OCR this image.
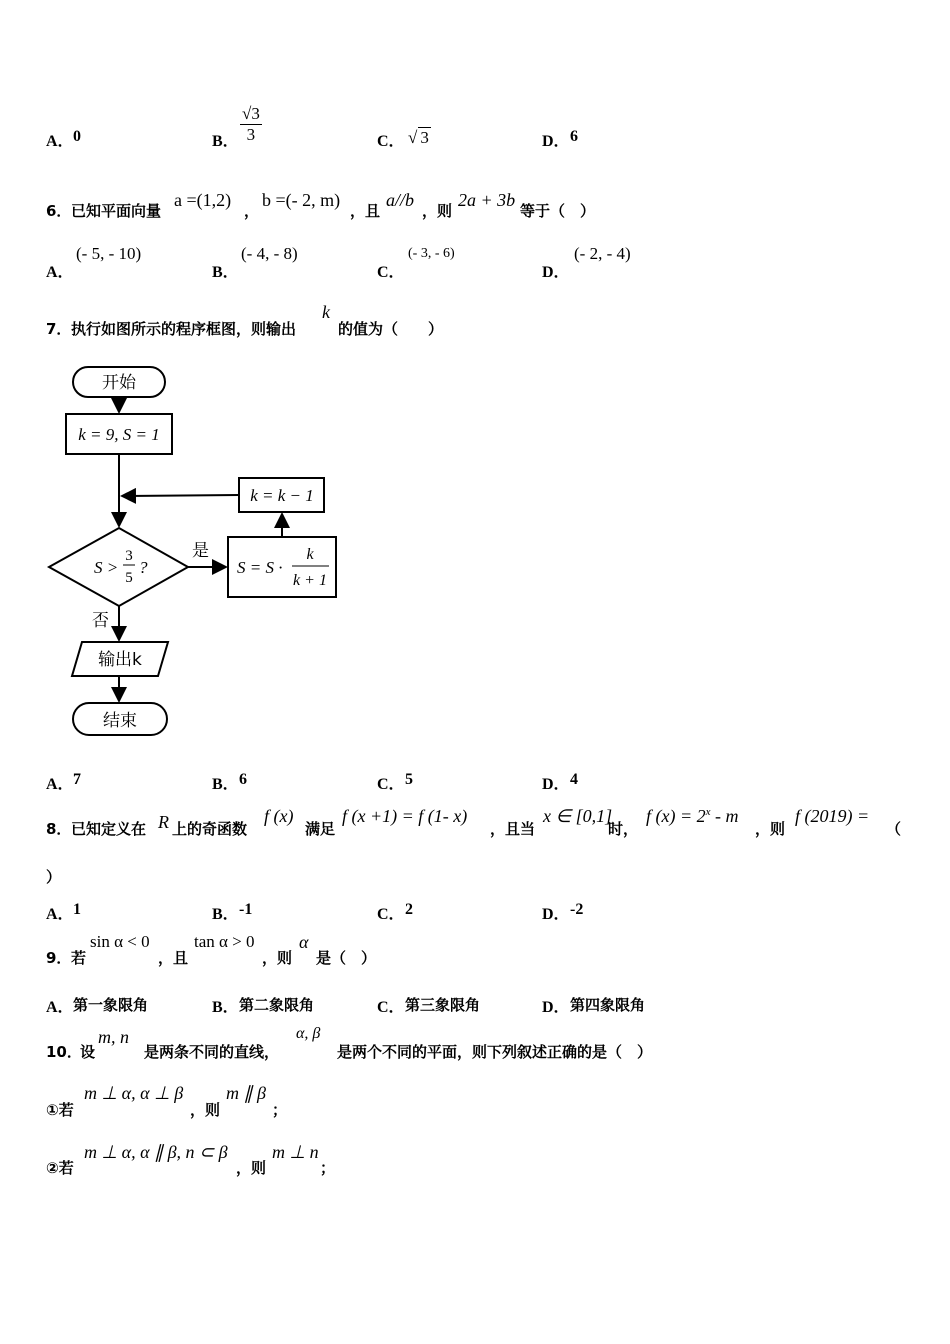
A． 0	B． $\frac{√3}{3}$	C． √ 3	D． 6
6． 已知平面向量
a =(1,2)
，
b =(- 2, m)
，且
a//b
，则
2a + 3b
等于（　）
A．
(- 5, - 10)
B．
(- 4, - 8)
C．
(- 3, - 6)
D．
(- 2, - 4)
7． 执行如图所示的程序框图，则输出
k
的值为（　　）
开始
k = 9, S = 1
k = k − 1
S >
3
5
?
是
否
S = S ·
k
k + 1
输出k
结束
A． 7	B． 6	C． 5	D． 4
8． 已知定义在 R 上的奇函数
f (x)
满足
f (x +1) = f (1- x)
，且当
x ∈ [0,1]
时，
f $(x) = 2^x - m$
，则
f (2019) =
（
）
A． 1	B． -1	C． 2	D． -2
9． 若
sin α < 0
，且
tan α > 0
，则
α
是（　）
A． 第一象限角	B． 第二象限角	C． 第三象限角	D． 第四象限角
10．
设
m, n
是两条不同的直线，
α, β
是两个不同的平面，则下列叙述正确的是（　）
①若
m ⊥ α, α ⊥ β
，则
m ∥ β
；
②若
m ⊥ α, α ∥ β, n ⊂ β
，则
m ⊥ n
；
